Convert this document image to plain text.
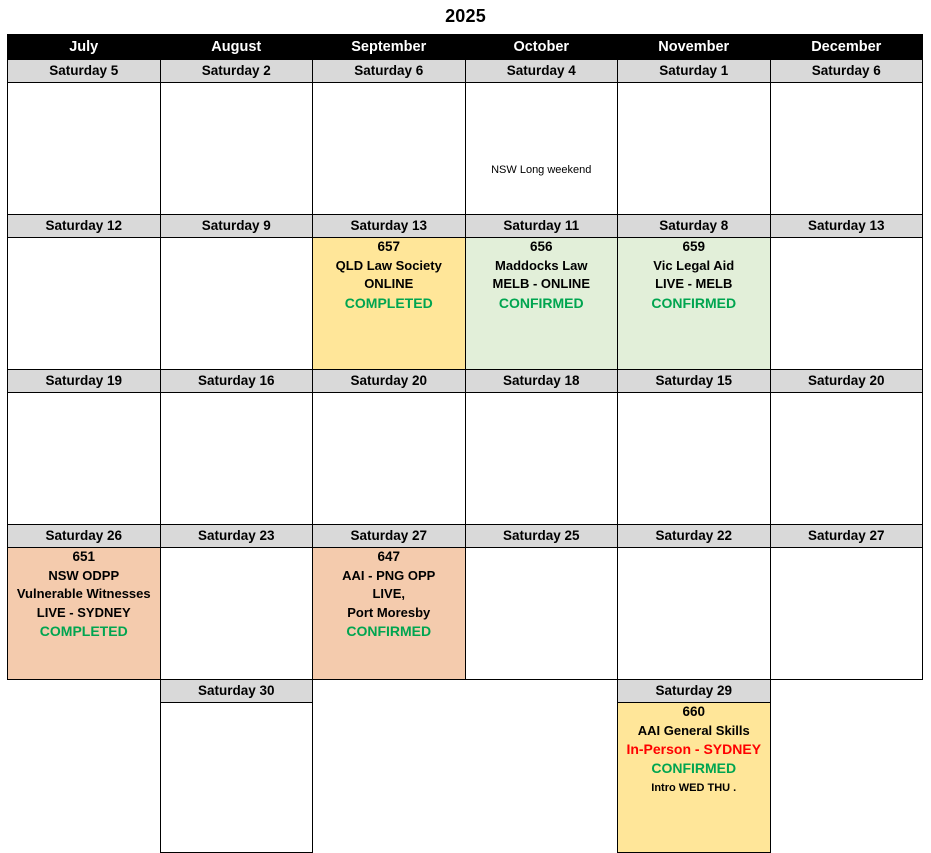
2025
July	August	September	October	November	December
Saturday 5	Saturday 2	Saturday 6	Saturday 4	Saturday 1	Saturday 6

			NSW Long weekend		

Saturday 12	Saturday 9	Saturday 13	Saturday 11	Saturday 8	Saturday 13

		657
QLD Law Society
ONLINE
COMPLETED	656
Maddocks Law
MELB - ONLINE
CONFIRMED	659
Vic Legal Aid
LIVE - MELB
CONFIRMED	

Saturday 19	Saturday 16	Saturday 20	Saturday 18	Saturday 15	Saturday 20

Saturday 26	Saturday 23	Saturday 27	Saturday 25	Saturday 22	Saturday 27

651
NSW ODPP
Vulnerable Witnesses
LIVE - SYDNEY
COMPLETED		647
AAI - PNG OPP
LIVE,
Port Moresby
CONFIRMED			

	Saturday 30			Saturday 29	

				660
AAI General Skills
In-Person - SYDNEY
CONFIRMED
Intro WED THU .	
